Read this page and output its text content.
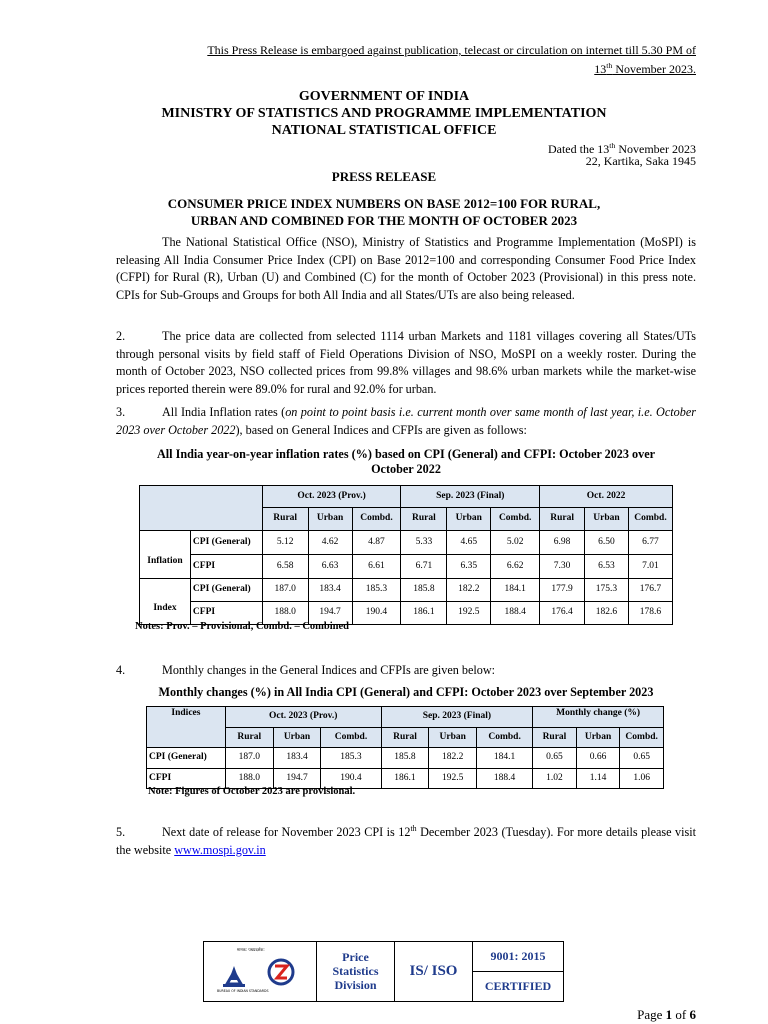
This Press Release is embargoed against publication, telecast or circulation on internet till 5.30 PM of
13th November 2023.
GOVERNMENT OF INDIA
MINISTRY OF STATISTICS AND PROGRAMME IMPLEMENTATION
NATIONAL STATISTICAL OFFICE
Dated the 13th November 2023
22, Kartika, Saka 1945
PRESS RELEASE
CONSUMER PRICE INDEX NUMBERS ON BASE 2012=100 FOR RURAL,
URBAN AND COMBINED FOR THE MONTH OF OCTOBER 2023
The National Statistical Office (NSO), Ministry of Statistics and Programme Implementation (MoSPI) is releasing All India Consumer Price Index (CPI) on Base 2012=100 and corresponding Consumer Food Price Index (CFPI) for Rural (R), Urban (U) and Combined (C) for the month of October 2023 (Provisional) in this press note. CPIs for Sub-Groups and Groups for both All India and all States/UTs are also being released.
2.	The price data are collected from selected 1114 urban Markets and 1181 villages covering all States/UTs through personal visits by field staff of Field Operations Division of NSO, MoSPI on a weekly roster. During the month of October 2023, NSO collected prices from 99.8% villages and 98.6% urban markets while the market-wise prices reported therein were 89.0% for rural and 92.0% for urban.
3.	All India Inflation rates (on point to point basis i.e. current month over same month of last year, i.e. October 2023 over October 2022), based on General Indices and CFPIs are given as follows:
All India year-on-year inflation rates (%) based on CPI (General) and CFPI: October 2023 over
October 2022
		Oct. 2023 (Prov.)			Sep. 2023 (Final)			Oct. 2022		
		Rural	Urban	Combd.	Rural	Urban	Combd.	Rural	Urban	Combd.
Inflation	CPI (General)	5.12	4.62	4.87	5.33	4.65	5.02	6.98	6.50	6.77
	CFPI	6.58	6.63	6.61	6.71	6.35	6.62	7.30	6.53	7.01
Index	CPI (General)	187.0	183.4	185.3	185.8	182.2	184.1	177.9	175.3	176.7
	CFPI	188.0	194.7	190.4	186.1	192.5	188.4	176.4	182.6	178.6
Notes: Prov. – Provisional, Combd. – Combined
4.	Monthly changes in the General Indices and CFPIs are given below:
Monthly changes (%) in All India CPI (General) and CFPI: October 2023 over September 2023
Indices	Oct. 2023 (Prov.)			Sep. 2023 (Final)			Monthly change (%)		
	Rural	Urban	Combd.	Rural	Urban	Combd.	Rural	Urban	Combd.
CPI (General)	187.0	183.4	185.3	185.8	182.2	184.1	0.65	0.66	0.65
CFPI	188.0	194.7	190.4	186.1	192.5	188.4	1.02	1.14	1.06
Note: Figures of October 2023 are provisional.
5.	Next date of release for November 2023 CPI is 12th December 2023 (Tuesday). For more details please visit the website www.mospi.gov.in
मानक: पथप्रदर्शक:
BUREAU OF INDIAN STANDARDS

Price
Statistics
Division
	IS/ ISO	9001: 2015
CERTIFIED
Page 1 of 6
